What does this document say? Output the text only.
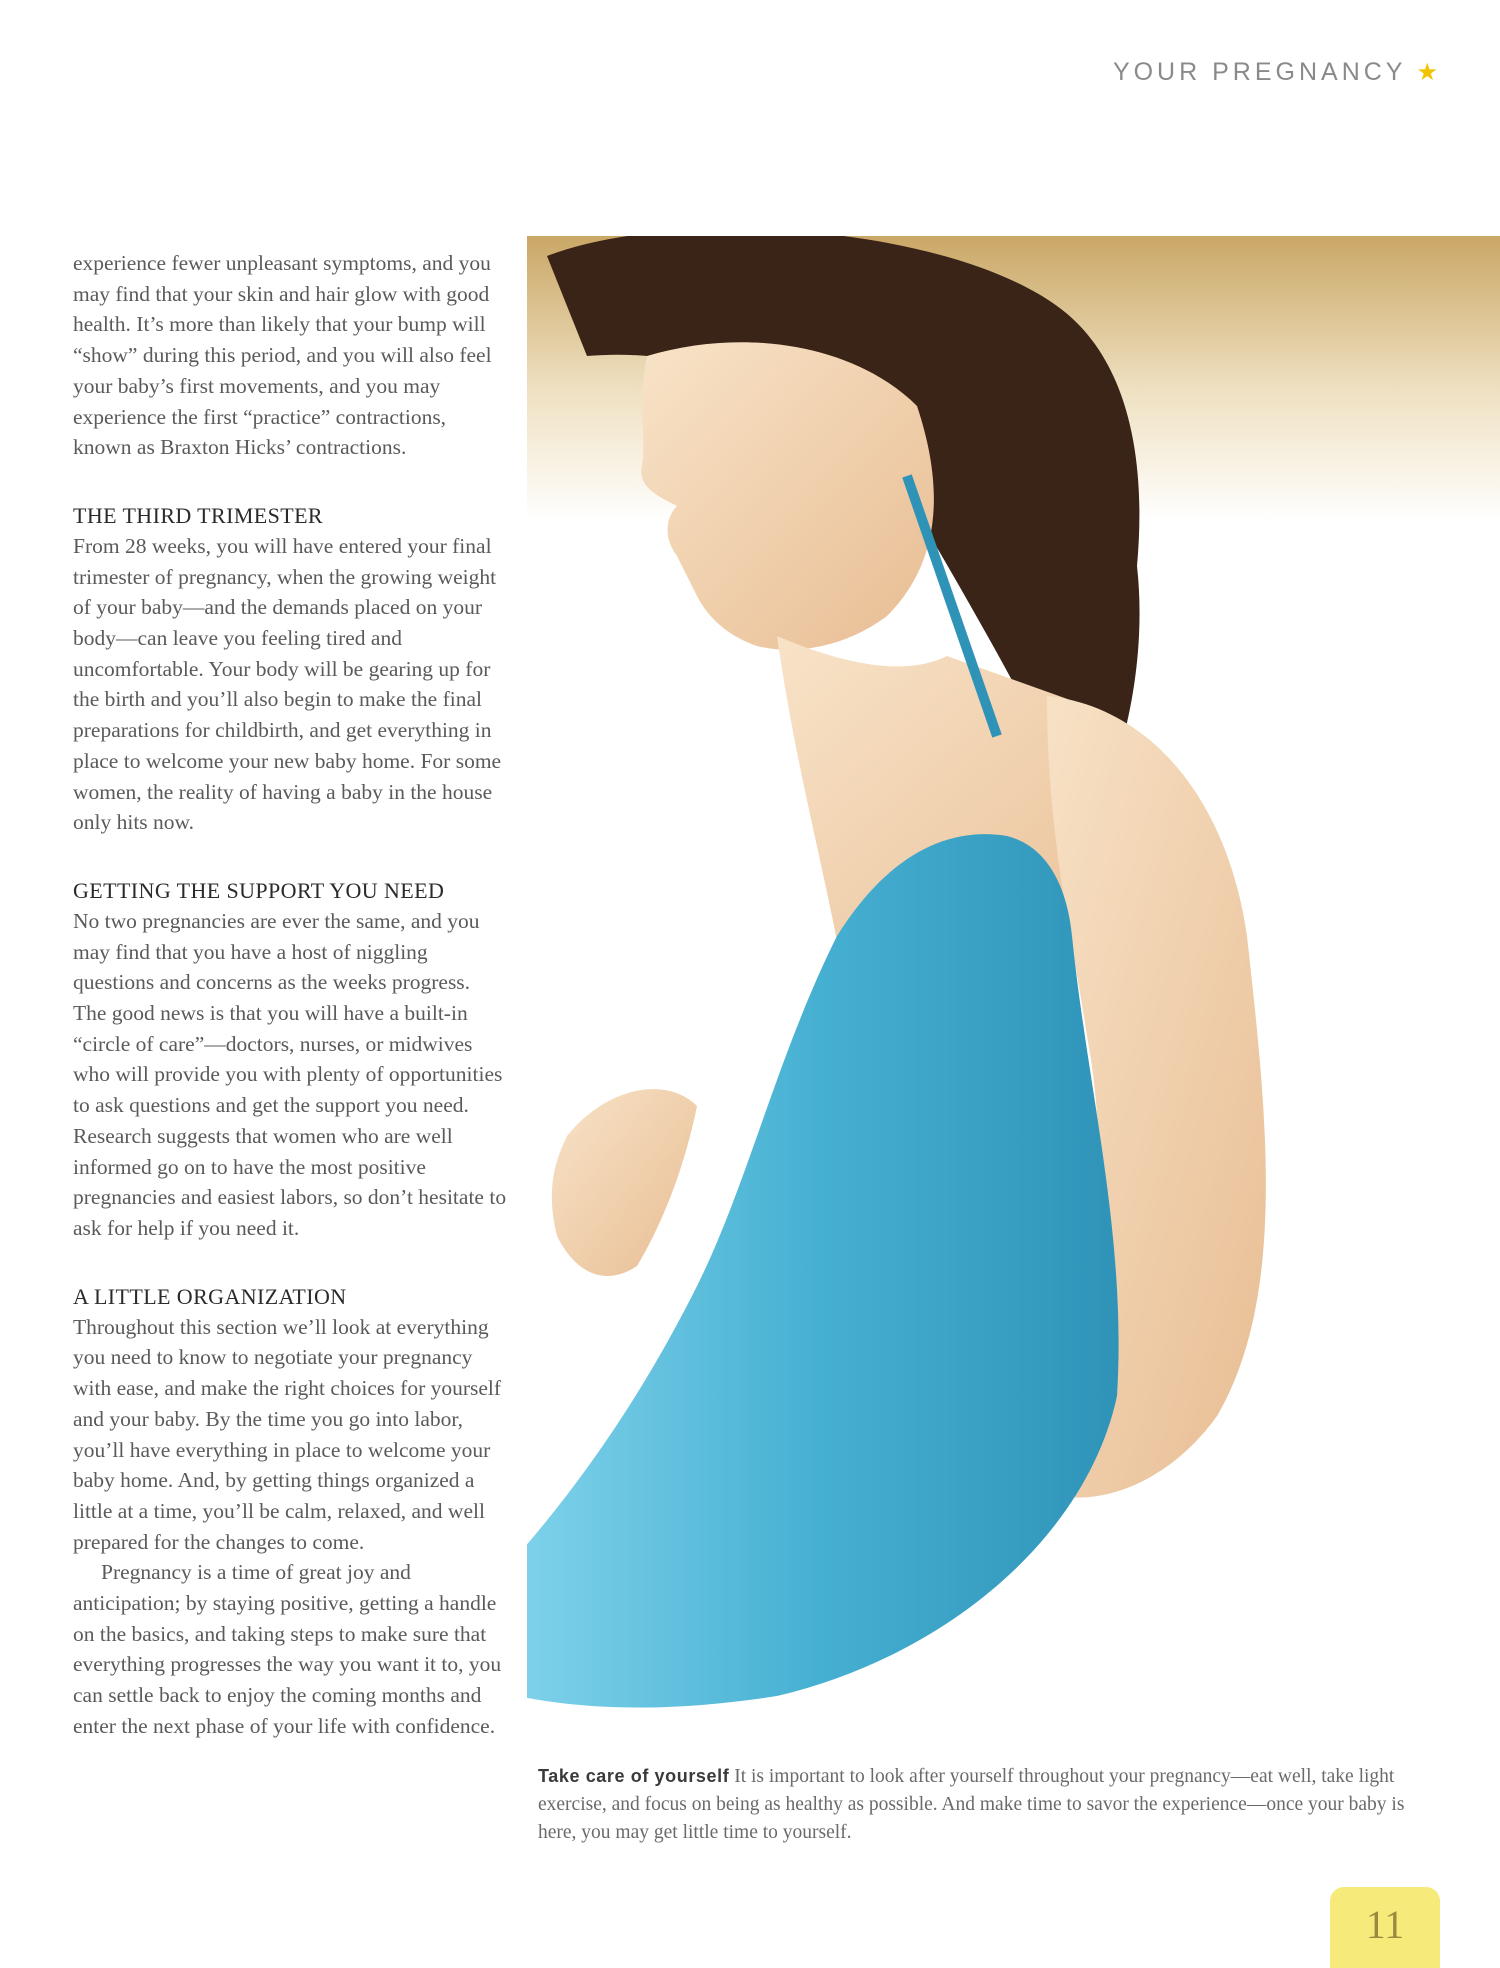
YOUR PREGNANCY ★

experience fewer unpleasant symptoms, and you may find that your skin and hair glow with good health. It’s more than likely that your bump will “show” during this period, and you will also feel your baby’s first movements, and you may experience the first “practice” contractions, known as Braxton Hicks’ contractions.

THE THIRD TRIMESTER

From 28 weeks, you will have entered your final trimester of pregnancy, when the growing weight of your baby—and the demands placed on your body—can leave you feeling tired and uncomfortable. Your body will be gearing up for the birth and you’ll also begin to make the final preparations for childbirth, and get everything in place to welcome your new baby home. For some women, the reality of having a baby in the house only hits now.

GETTING THE SUPPORT YOU NEED

No two pregnancies are ever the same, and you may find that you have a host of niggling questions and concerns as the weeks progress. The good news is that you will have a built-in “circle of care”—doctors, nurses, or midwives who will provide you with plenty of opportunities to ask questions and get the support you need. Research suggests that women who are well informed go on to have the most positive pregnancies and easiest labors, so don’t hesitate to ask for help if you need it.

A LITTLE ORGANIZATION

Throughout this section we’ll look at everything you need to know to negotiate your pregnancy with ease, and make the right choices for yourself and your baby. By the time you go into labor, you’ll have everything in place to welcome your baby home. And, by getting things organized a little at a time, you’ll be calm, relaxed, and well prepared for the changes to come.

Pregnancy is a time of great joy and anticipation; by staying positive, getting a handle on the basics, and taking steps to make sure that everything progresses the way you want it to, you can settle back to enjoy the coming months and enter the next phase of your life with confidence.

Take care of yourself It is important to look after yourself throughout your pregnancy—eat well, take light exercise, and focus on being as healthy as possible. And make time to savor the experience—once your baby is here, you may get little time to yourself.
11
